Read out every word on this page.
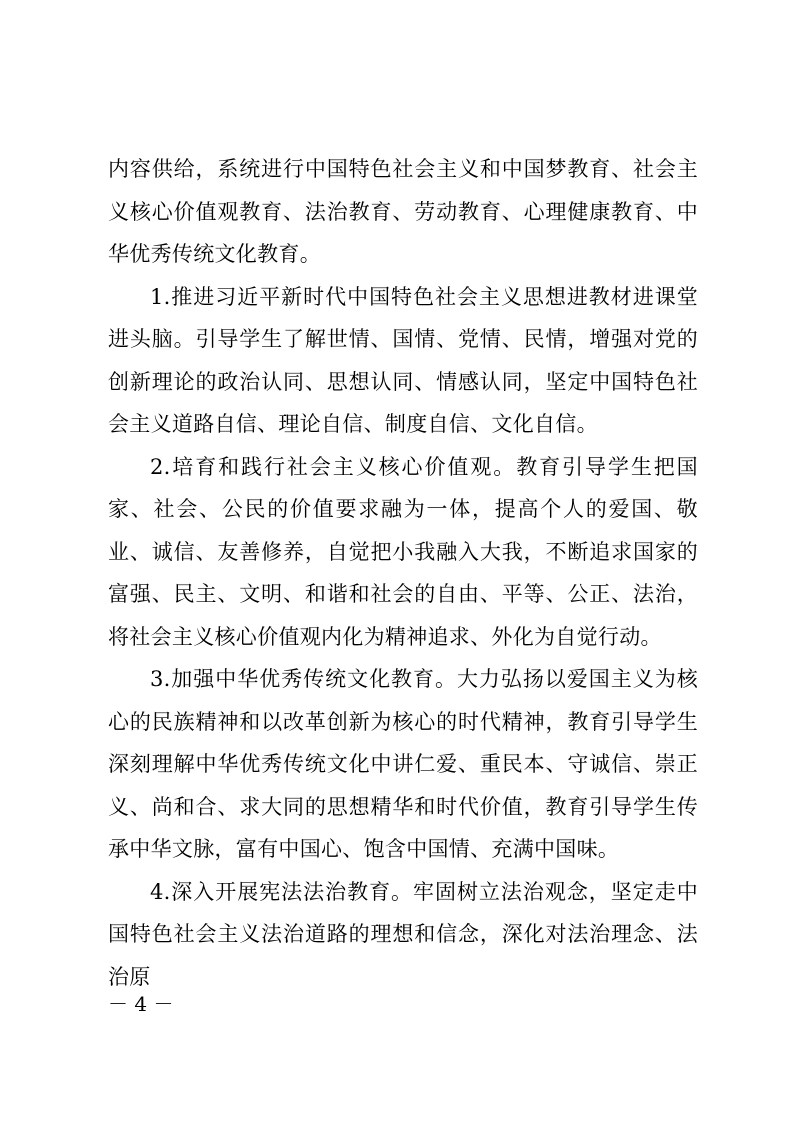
内容供给，系统进行中国特色社会主义和中国梦教育、社会主义核心价值观教育、法治教育、劳动教育、心理健康教育、中华优秀传统文化教育。

1.推进习近平新时代中国特色社会主义思想进教材进课堂进头脑。引导学生了解世情、国情、党情、民情，增强对党的创新理论的政治认同、思想认同、情感认同，坚定中国特色社会主义道路自信、理论自信、制度自信、文化自信。

2.培育和践行社会主义核心价值观。教育引导学生把国家、社会、公民的价值要求融为一体，提高个人的爱国、敬业、诚信、友善修养，自觉把小我融入大我，不断追求国家的富强、民主、文明、和谐和社会的自由、平等、公正、法治，将社会主义核心价值观内化为精神追求、外化为自觉行动。

3.加强中华优秀传统文化教育。大力弘扬以爱国主义为核心的民族精神和以改革创新为核心的时代精神，教育引导学生深刻理解中华优秀传统文化中讲仁爱、重民本、守诚信、崇正义、尚和合、求大同的思想精华和时代价值，教育引导学生传承中华文脉，富有中国心、饱含中国情、充满中国味。

4.深入开展宪法法治教育。牢固树立法治观念，坚定走中国特色社会主义法治道路的理想和信念，深化对法治理念、法治原

－ 4 －
